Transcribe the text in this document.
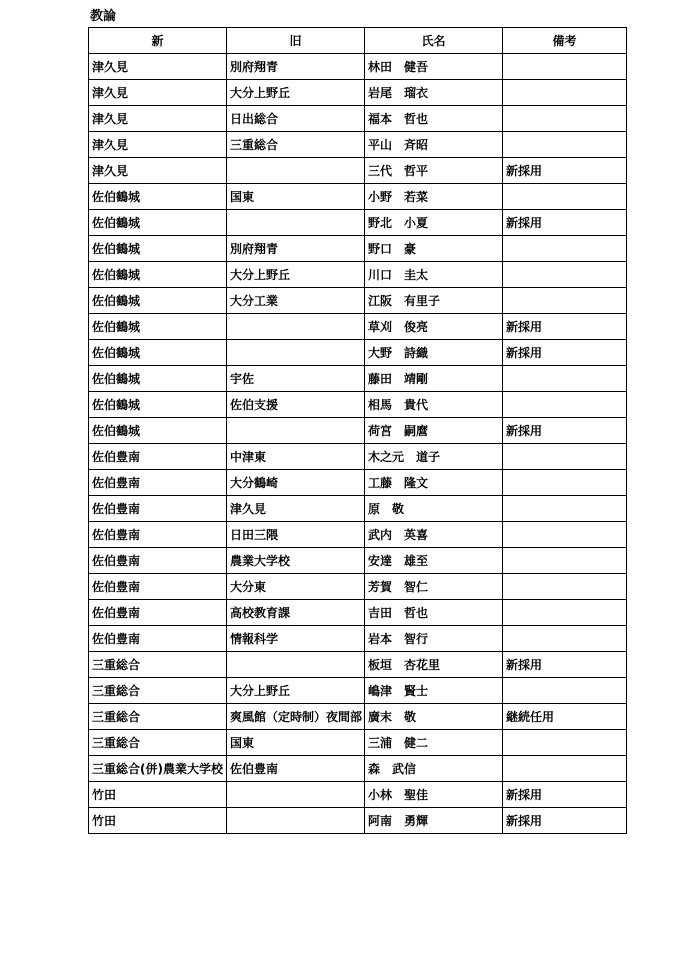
教論
新	旧	氏名	備考
津久見	別府翔青	林田　健吾	
津久見	大分上野丘	岩尾　瑠衣	
津久見	日出総合	福本　哲也	
津久見	三重総合	平山　斉昭	
津久見		三代　哲平	新採用
佐伯鶴城	国東	小野　若菜	
佐伯鶴城		野北　小夏	新採用
佐伯鶴城	別府翔青	野口　豪	
佐伯鶴城	大分上野丘	川口　圭太	
佐伯鶴城	大分工業	江阪　有里子	
佐伯鶴城		草刈　俊亮	新採用
佐伯鶴城		大野　詩織	新採用
佐伯鶴城	宇佐	藤田　靖剛	
佐伯鶴城	佐伯支援	相馬　貴代	
佐伯鶴城		荷宮　嗣麿	新採用
佐伯豊南	中津東	木之元　道子	
佐伯豊南	大分鶴崎	工藤　隆文	
佐伯豊南	津久見	原　敬	
佐伯豊南	日田三隈	武内　英喜	
佐伯豊南	農業大学校	安達　雄至	
佐伯豊南	大分東	芳賀　智仁	
佐伯豊南	高校教育課	吉田　哲也	
佐伯豊南	情報科学	岩本　智行	
三重総合		板垣　杏花里	新採用
三重総合	大分上野丘	嶋津　賢士	
三重総合	爽風館（定時制）夜間部	廣末　敬	継続任用
三重総合	国東	三浦　健二	
三重総合(併)農業大学校	佐伯豊南	森　武信	
竹田		小林　聖佳	新採用
竹田		阿南　勇輝	新採用
